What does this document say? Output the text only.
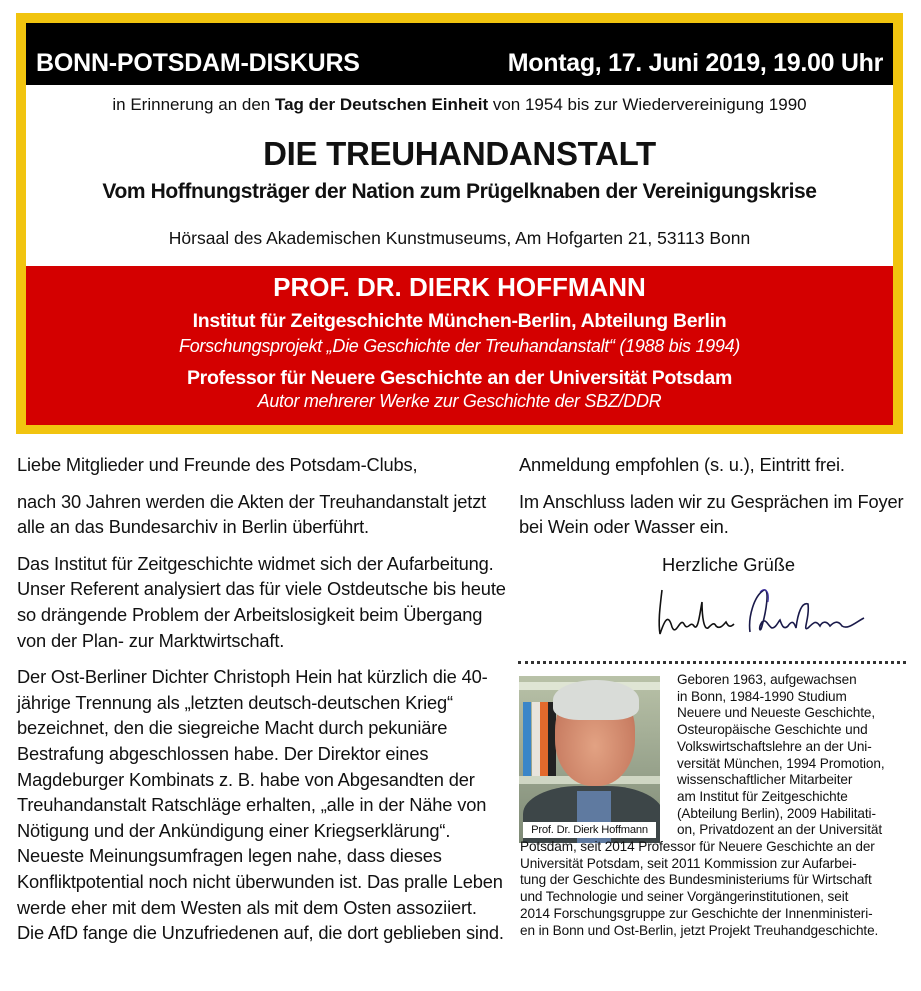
BONN-POTSDAM-DISKURS	Montag, 17. Juni 2019, 19.00 Uhr
in Erinnerung an den Tag der Deutschen Einheit von 1954 bis zur Wiedervereinigung 1990
DIE TREUHANDANSTALT
Vom Hoffnungsträger der Nation zum Prügelknaben der Vereinigungskrise
Hörsaal des Akademischen Kunstmuseums, Am Hofgarten 21, 53113 Bonn
PROF. DR. DIERK HOFFMANN
Institut für Zeitgeschichte München-Berlin, Abteilung Berlin
Forschungsprojekt „Die Geschichte der Treuhandanstalt“ (1988 bis 1994)
Professor für Neuere Geschichte an der Universität Potsdam
Autor mehrerer Werke zur Geschichte der SBZ/DDR

Liebe Mitglieder und Freunde des Potsdam-Clubs,

nach 30 Jahren werden die Akten der Treuhandanstalt jetzt alle an das Bundesarchiv in Berlin überführt.

Das Institut für Zeitgeschichte widmet sich der Aufarbeitung. Unser Referent analysiert das für viele Ostdeutsche bis heute so drängende Problem der Arbeitslosigkeit beim Übergang von der Plan- zur Marktwirtschaft.

Der Ost-Berliner Dichter Christoph Hein hat kürzlich die 40-jährige Trennung als „letzten deutsch-deutschen Krieg“ bezeichnet, den die siegreiche Macht durch pekuniäre Bestrafung abgeschlossen habe. Der Direktor eines Magdeburger Kombinats z. B. habe von Abgesandten der Treuhandanstalt Ratschläge erhalten, „alle in der Nähe von Nötigung und der Ankündigung einer Kriegserklärung“. Neueste Meinungsumfragen legen nahe, dass dieses Konfliktpotential noch nicht überwunden ist. Das pralle Leben werde eher mit dem Westen als mit dem Osten assoziiert. Die AfD fange die Unzufriedenen auf, die dort geblieben sind.

Anmeldung empfohlen (s. u.), Eintritt frei.

Im Anschluss laden wir zu Gesprächen im Foyer bei Wein oder Wasser ein.

Herzliche Grüße
Prof. Dr. Dierk Hoffmann
Geboren 1963, aufgewachsen
in Bonn, 1984-1990 Studium
Neuere und Neueste Geschichte,
Osteuropäische Geschichte und
Volkswirtschaftslehre an der Uni-
versität München, 1994 Promotion,
wissenschaftlicher Mitarbeiter
am Institut für Zeitgeschichte
(Abteilung Berlin), 2009 Habilitati-
on, Privatdozent an der Universität
Potsdam, seit 2014 Professor für Neuere Geschichte an der
Universität Potsdam, seit 2011 Kommission zur Aufarbei-
tung der Geschichte des Bundesministeriums für Wirtschaft
und Technologie und seiner Vorgängerinstitutionen, seit
2014 Forschungsgruppe zur Geschichte der Innenministeri-
en in Bonn und Ost-Berlin, jetzt Projekt Treuhandgeschichte.
